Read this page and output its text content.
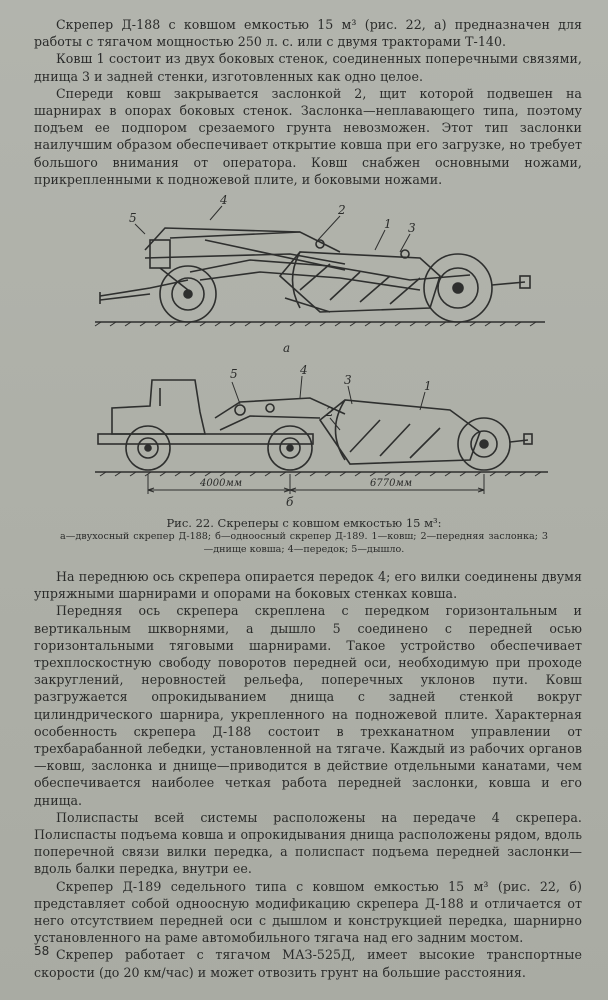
Скрепер Д-188 с ковшом емкостью 15 м³ (рис. 22, а) предназначен для работы с тягачом мощностью 250 л. с. или с двумя тракторами Т-140.

Ковш 1 состоит из двух боковых стенок, соединенных поперечными связями, днища 3 и задней стенки, изготовленных как одно целое.

Спереди ковш закрывается заслонкой 2, щит которой подвешен на шарнирах в опорах боковых стенок. Заслонка—неплавающего типа, поэтому подъем ее подпором срезаемого грунта невозможен. Этот тип заслонки наилучшим образом обеспечивает открытие ковша при его загрузке, но требует большого внимания от оператора. Ковш снабжен основными ножами, прикрепленными к подножевой плите, и боковыми ножами.

5
4
2
1 3
а
5	4
3
2
1
4000мм	6770мм
б
Рис. 22. Скреперы с ковшом емкостью 15 м³:
а—двухосный скрепер Д-188; б—одноосный скрепер Д-189. 1—ковш; 2—передняя заслонка; 3—днище ковша; 4—передок; 5—дышло.

На переднюю ось скрепера опирается передок 4; его вилки соединены двумя упряжными шарнирами и опорами на боковых стенках ковша.

Передняя ось скрепера скреплена с передком горизонтальным и вертикальным шкворнями, а дышло 5 соединено с передней осью горизонтальными тяговыми шарнирами. Такое устройство обеспечивает трехплоскостную свободу поворотов передней оси, необходимую при проходе закруглений, неровностей рельефа, поперечных уклонов пути. Ковш разгружается опрокидыванием днища с задней стенкой вокруг цилиндрического шарнира, укрепленного на подножевой плите. Характерная особенность скрепера Д-188 состоит в трехканатном управлении от трехбарабанной лебедки, установленной на тягаче. Каждый из рабочих органов—ковш, заслонка и днище—приводится в действие отдельными канатами, чем обеспечивается наиболее четкая работа передней заслонки, ковша и его днища.

Полиспасты всей системы расположены на передаче 4 скрепера. Полиспасты подъема ковша и опрокидывания днища расположены рядом, вдоль поперечной связи вилки передка, а полиспаст подъема передней заслонки—вдоль балки передка, внутри ее.

Скрепер Д-189 седельного типа с ковшом емкостью 15 м³ (рис. 22, б) представляет собой одноосную модификацию скрепера Д-188 и отличается от него отсутствием передней оси с дышлом и конструкцией передка, шарнирно установленного на раме автомобильного тягача над его задним мостом.

Скрепер работает с тягачом МАЗ-525Д, имеет высокие транспортные скорости (до 20 км/час) и может отвозить грунт на большие расстояния.

58
